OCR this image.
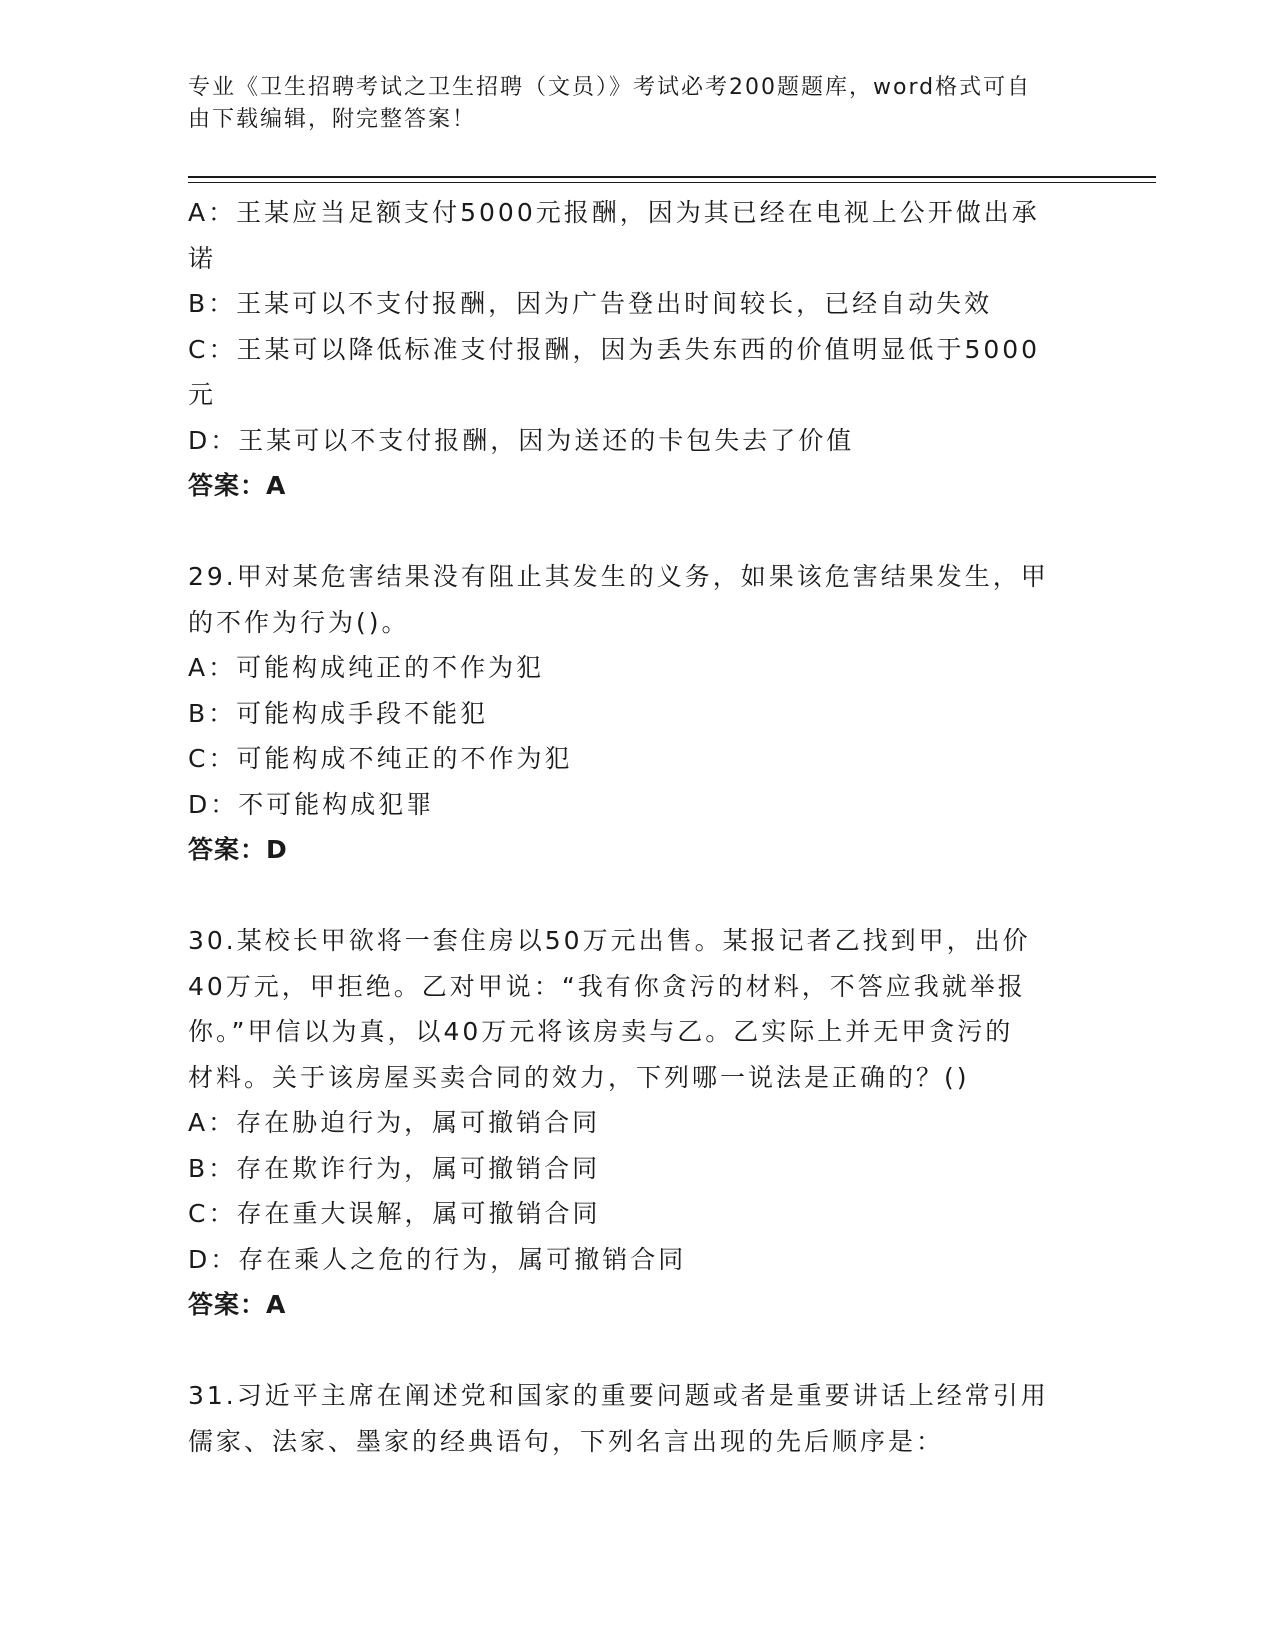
专业《卫生招聘考试之卫生招聘（文员）》考试必考200题题库，word格式可自
由下载编辑，附完整答案！
A：王某应当足额支付5000元报酬，因为其已经在电视上公开做出承
诺
B：王某可以不支付报酬，因为广告登出时间较长，已经自动失效
C：王某可以降低标准支付报酬，因为丢失东西的价值明显低于5000
元
D：王某可以不支付报酬，因为送还的卡包失去了价值
答案：A
29.甲对某危害结果没有阻止其发生的义务，如果该危害结果发生，甲
的不作为行为()。
A：可能构成纯正的不作为犯
B：可能构成手段不能犯
C：可能构成不纯正的不作为犯
D：不可能构成犯罪
答案：D
30.某校长甲欲将一套住房以50万元出售。某报记者乙找到甲，出价
40万元，甲拒绝。乙对甲说：“我有你贪污的材料，不答应我就举报
你。”甲信以为真，以40万元将该房卖与乙。乙实际上并无甲贪污的
材料。关于该房屋买卖合同的效力，下列哪一说法是正确的？()
A：存在胁迫行为，属可撤销合同
B：存在欺诈行为，属可撤销合同
C：存在重大误解，属可撤销合同
D：存在乘人之危的行为，属可撤销合同
答案：A
31.习近平主席在阐述党和国家的重要问题或者是重要讲话上经常引用
儒家、法家、墨家的经典语句，下列名言出现的先后顺序是：
